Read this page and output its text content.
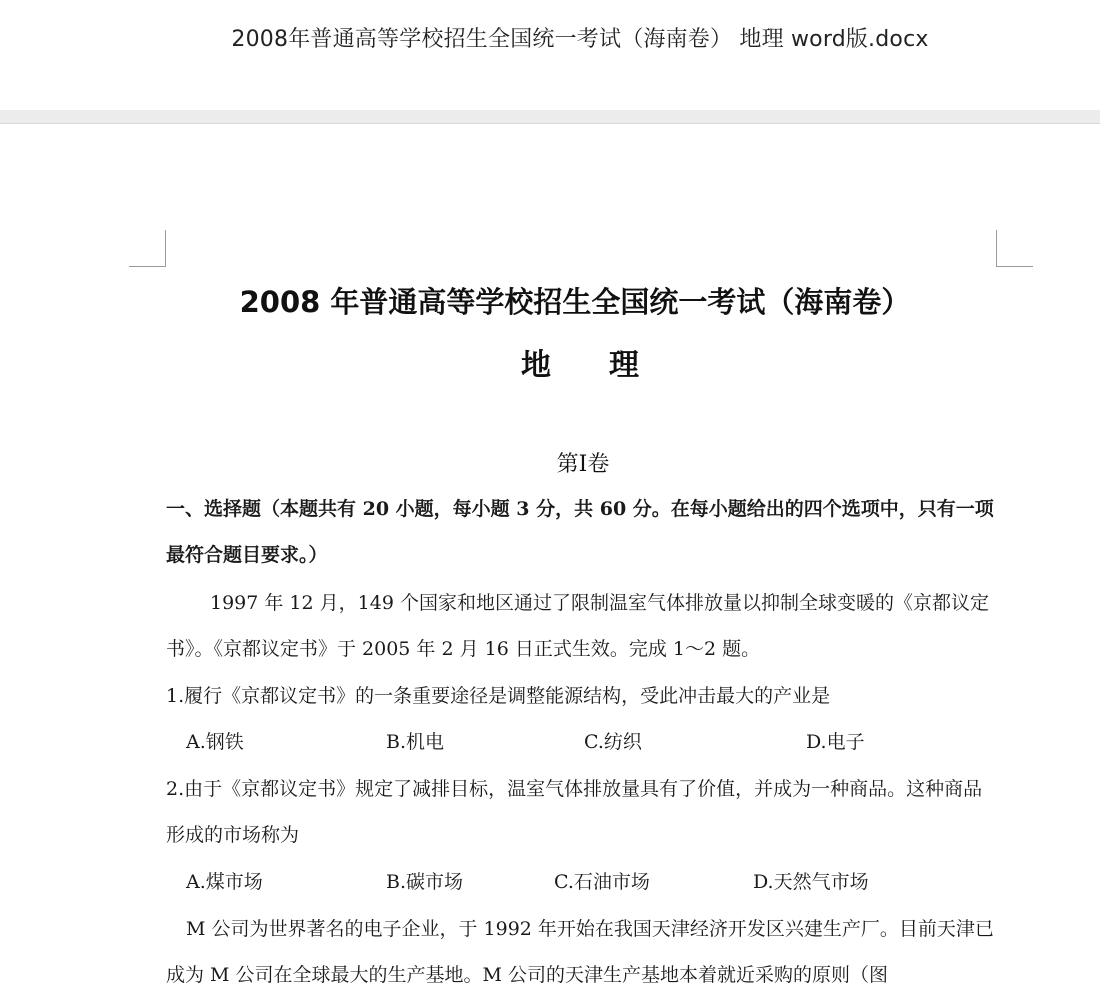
2008年普通高等学校招生全国统一考试（海南卷） 地理 word版.docx
2008 年普通高等学校招生全国统一考试（海南卷）
地 理
第Ⅰ卷
一、选择题（本题共有 20 小题，每小题 3 分，共 60 分。在每小题给出的四个选项中，只有一项最符合题目要求。）
1997 年 12 月，149 个国家和地区通过了限制温室气体排放量以抑制全球变暖的《京都议定书》。《京都议定书》于 2005 年 2 月 16 日正式生效。完成 1～2 题。
1.履行《京都议定书》的一条重要途径是调整能源结构，受此冲击最大的产业是
A.钢铁	B.机电	C.纺织	D.电子
2.由于《京都议定书》规定了减排目标，温室气体排放量具有了价值，并成为一种商品。这种商品形成的市场称为
A.煤市场	B.碳市场	C.石油市场	D.天然气市场
M 公司为世界著名的电子企业，于 1992 年开始在我国天津经济开发区兴建生产厂。目前天津已成为 M 公司在全球最大的生产基地。M 公司的天津生产基地本着就近采购的原则（图
